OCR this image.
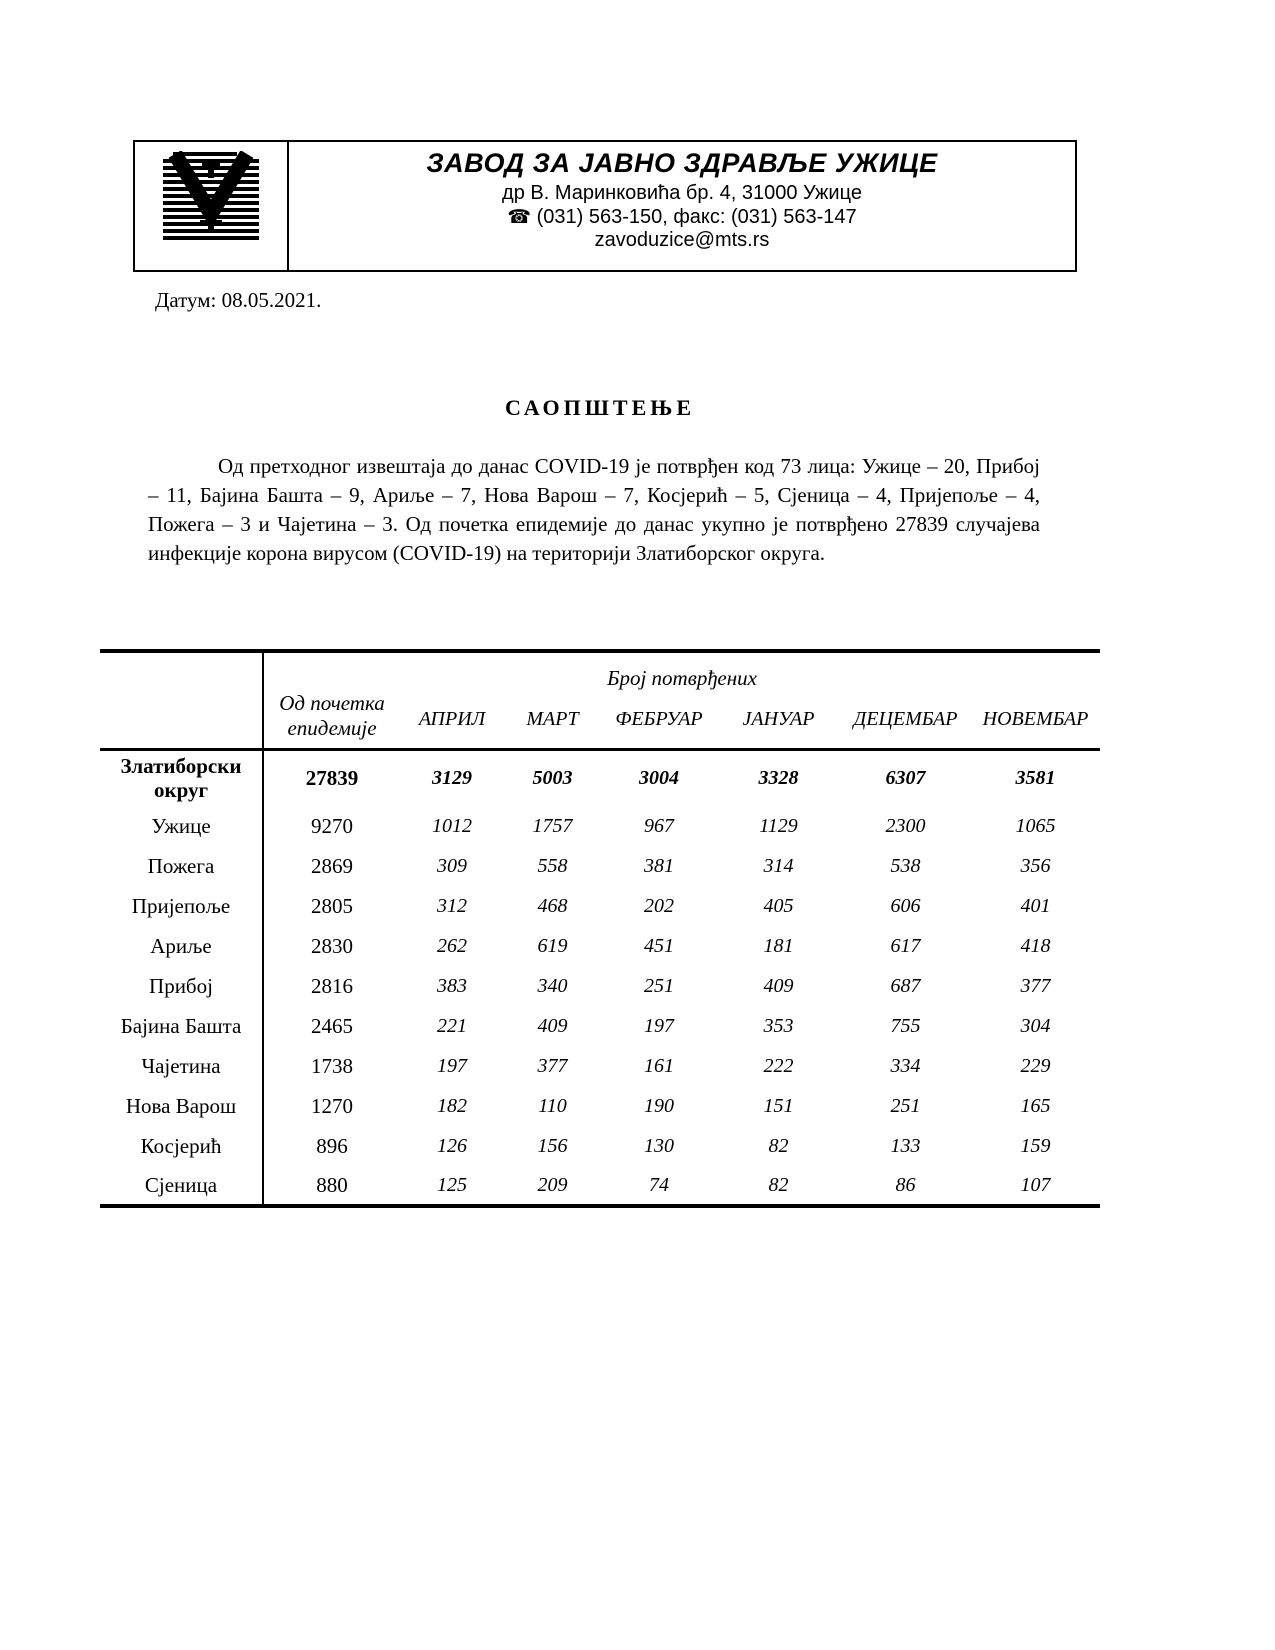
ЗАВОД ЗА ЈАВНО ЗДРАВЉЕ УЖИЦЕ
др В. Маринковића бр. 4, 31000 Ужице
☎ (031) 563-150, факс: (031) 563-147
zavoduzice@mts.rs
Датум: 08.05.2021.
САОПШТЕЊЕ

Од претходног извештаја до данас COVID-19 је потврђен код 73 лица: Ужице – 20, Прибој – 11, Бајина Башта – 9, Ариље – 7, Нова Варош – 7, Косјерић – 5, Сјеница – 4, Пријепоље – 4, Пожега – 3 и Чајетина – 3. Од почетка епидемије до данас укупно је потврђено 27839 случајева инфекције корона вирусом (COVID-19) на територији Златиборског округа.

	Број потврђених						
	Од почетка епидемије	АПРИЛ	МАРТ	ФЕБРУАР	ЈАНУАР	ДЕЦЕМБАР	НОВЕМБАР
Златиборски округ	27839	3129	5003	3004	3328	6307	3581
Ужице	9270	1012	1757	967	1129	2300	1065
Пожега	2869	309	558	381	314	538	356
Пријепоље	2805	312	468	202	405	606	401
Ариље	2830	262	619	451	181	617	418
Прибој	2816	383	340	251	409	687	377
Бајина Башта	2465	221	409	197	353	755	304
Чајетина	1738	197	377	161	222	334	229
Нова Варош	1270	182	110	190	151	251	165
Косјерић	896	126	156	130	82	133	159
Сјеница	880	125	209	74	82	86	107
